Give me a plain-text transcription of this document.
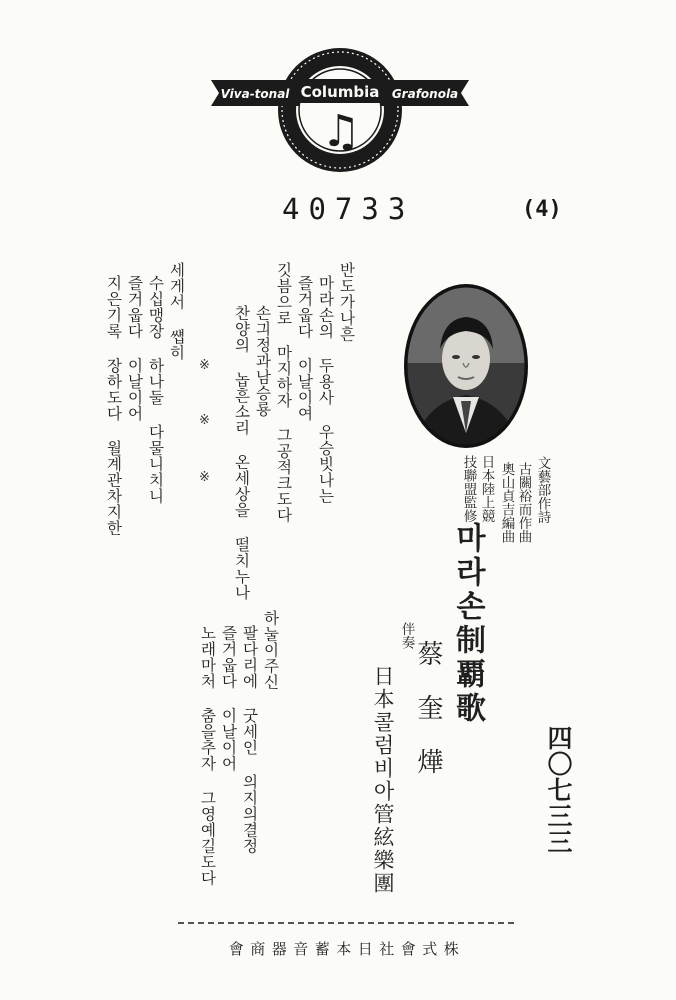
Viva-tonal Columbia Grafonola
♫
40733	(4)
四〇七三三
文藝部作詩
古關裕而作曲
奧山貞吉編曲
日本陸上競
技聯盟監修
마라손制覇歌
蔡奎燁
伴奏
日本콜럼비아管絃樂團
반도가나흔
마라손의 두용사 우승빗나는
즐거웁다 이날이여
깃븜으로 마지하자 그공적크도다
손긔정과남승룡
찬양의 놉흔소리 온세상을 떨치누나
※
※
※
세게서 썝히
수십맹장 하나둘 다물니치니
즐거웁다 이날이어
지은기록 장하도다 월계관차지한
하눌이주신
팔다리에 굿세인 의지의결정
즐거웁다 이날이어
노래마처 춤을추자 그영예길도다
會商器音蓄本日社會式株
